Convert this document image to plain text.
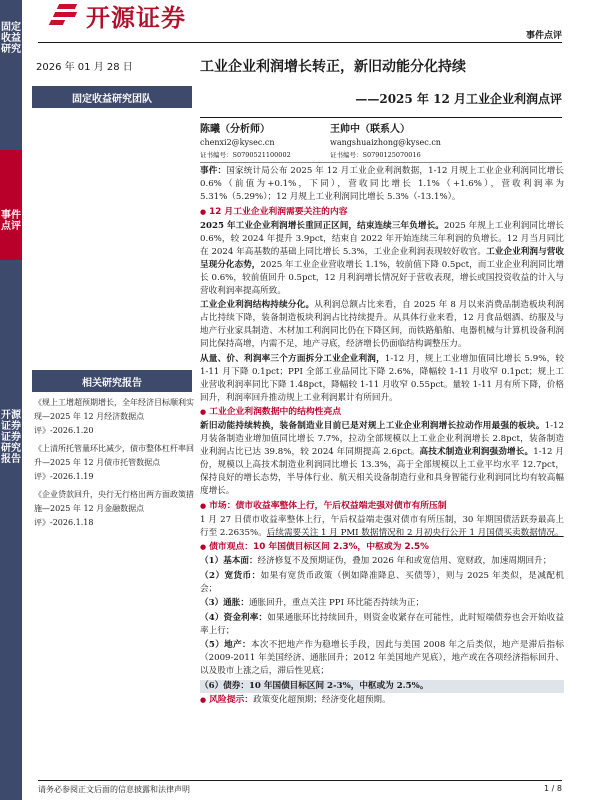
固定收益研究
事件点评
开源证券 证券研究报告
开源证券
事件点评
2026 年 01 月 28 日
固定收益研究团队
相关研究报告
《规上工增超预期增长，全年经济目标顺利实现—2025 年 12 月经济数据点评》-2026.1.20
《上清所托管量环比减少，债市整体杠杆率回升—2025 年 12 月债市托管数据点评》-2026.1.19
《企业贷款回升，央行无行格出两方面政策措施—2025 年 12 月金融数据点评》-2026.1.18
工业企业利润增长转正，新旧动能分化持续
——2025 年 12 月工业企业利润点评
陈曦（分析师）
chenxi2@kysec.cn
证书编号：S0790521100002
王帅中（联系人）
wangshuaizhong@kysec.cn
证书编号：S0790125070016

事件：国家统计局公布 2025 年 12 月工业企业利润数据，1-12 月规上工业企业利润同比增长 0.6%（前值为+0.1%，下同），营收同比增长 1.1%（+1.6%），营收利润率为 5.31%（5.29%）；12 月规上工业利润同比增长 5.3%（-13.1%）。

● 12 月工业企业利润需要关注的内容

2025 年工业企业利润增长重回正区间，结束连续三年负增长。2025 年规上工业利润同比增长 0.6%，较 2024 年提升 3.9pct，结束自 2022 年开始连续三年利润的负增长。12 月当月同比在 2024 年高基数的基础上同比增长 5.3%，工业企业利润表现较好收官。工业企业利润与营收呈现分化态势，2025 年工业企业营收增长 1.1%，较前值下降 0.5pct，而工业企业利润同比增长 0.6%，较前值回升 0.5pct，12 月利润增长情况好于营收表现，增长或国投资收益的计入与营收利润率提高所致。

工业企业利润结构持续分化。从利润总额占比来看，自 2025 年 8 月以来消费品制造板块利润占比持续下降，装备制造板块利润占比持续提升。从具体行业来看，12 月食品烟酒、纺服及与地产行业家具制造、木材加工利润同比仍在下降区间，而铁路船舶、电器机械与计算机设备利润同比保持高增，内需不足，地产寻底，经济增长仍面临结构调整压力。

从量、价、利润率三个方面拆分工业企业利润，1-12 月，规上工业增加值同比增长 5.9%，较 1-11 月下降 0.1pct；PPI 全部工业品同比下降 2.6%，降幅较 1-11 月收窄 0.1pct；规上工业营收利润率同比下降 1.48pct，降幅较 1-11 月收窄 0.55pct。量较 1-11 月有所下降，价格回升，利润率回升推动规上工业利润累计有所回升。

● 工业企业利润数据中的结构性亮点

新旧动能持续转换，装备制造业目前已是对规上工业企业利润增长拉动作用最强的板块。1-12 月装备制造业增加值同比增长 7.7%，拉动全部规模以上工业企业利润增长 2.8pct，装备制造业利润占比已达 39.8%，较 2024 年同期提高 2.6pct。高技术制造业利润强劲增长。1-12 月份，规模以上高技术制造业利润同比增长 13.3%，高于全部规模以上工业平均水平 12.7pct，保持良好的增长态势，半导体行业、航天相关设备制造行业和具身智能行业利润同比均有较高幅度增长。

● 市场：债市收益率整体上行，午后权益端走强对债市有所压制

1 月 27 日债市收益率整体上行，午后权益端走强对债市有所压制，30 年期国债活跃券最高上行至 2.2635%。后续需要关注 1 月 PMI 数据情况和 2 月初央行公开 1 月国债买卖数据情况。

● 债市观点：10 年国债目标区间 2.3%，中枢或为 2.5%

（1）基本面：经济修复不及预期证伪，叠加 2026 年和或宽信用、宽财政，加速周期回升；

（2）宽货币：如果有宽货币政策（例如降准降息、买债等），则与 2025 年类似，是减配机会；

（3）通胀：通胀回升，重点关注 PPI 环比能否持续为正；

（4）资金利率：如果通胀环比持续回升，则资金收紧存在可能性，此时短端债券也会开始收益率上行；

（5）地产：本次不把地产作为稳增长手段，因此与美国 2008 年之后类似，地产是滞后指标（2009-2011 年美国经济、通胀回升；2012 年美国地产见底），地产或在各项经济指标回升、以及股市上涨之后，滞后性见底；

（6）债券：10 年国债目标区间 2-3%，中枢或为 2.5%。

● 风险提示：政策变化超预期；经济变化超预期。

请务必参阅正文后面的信息披露和法律声明	1 / 8
